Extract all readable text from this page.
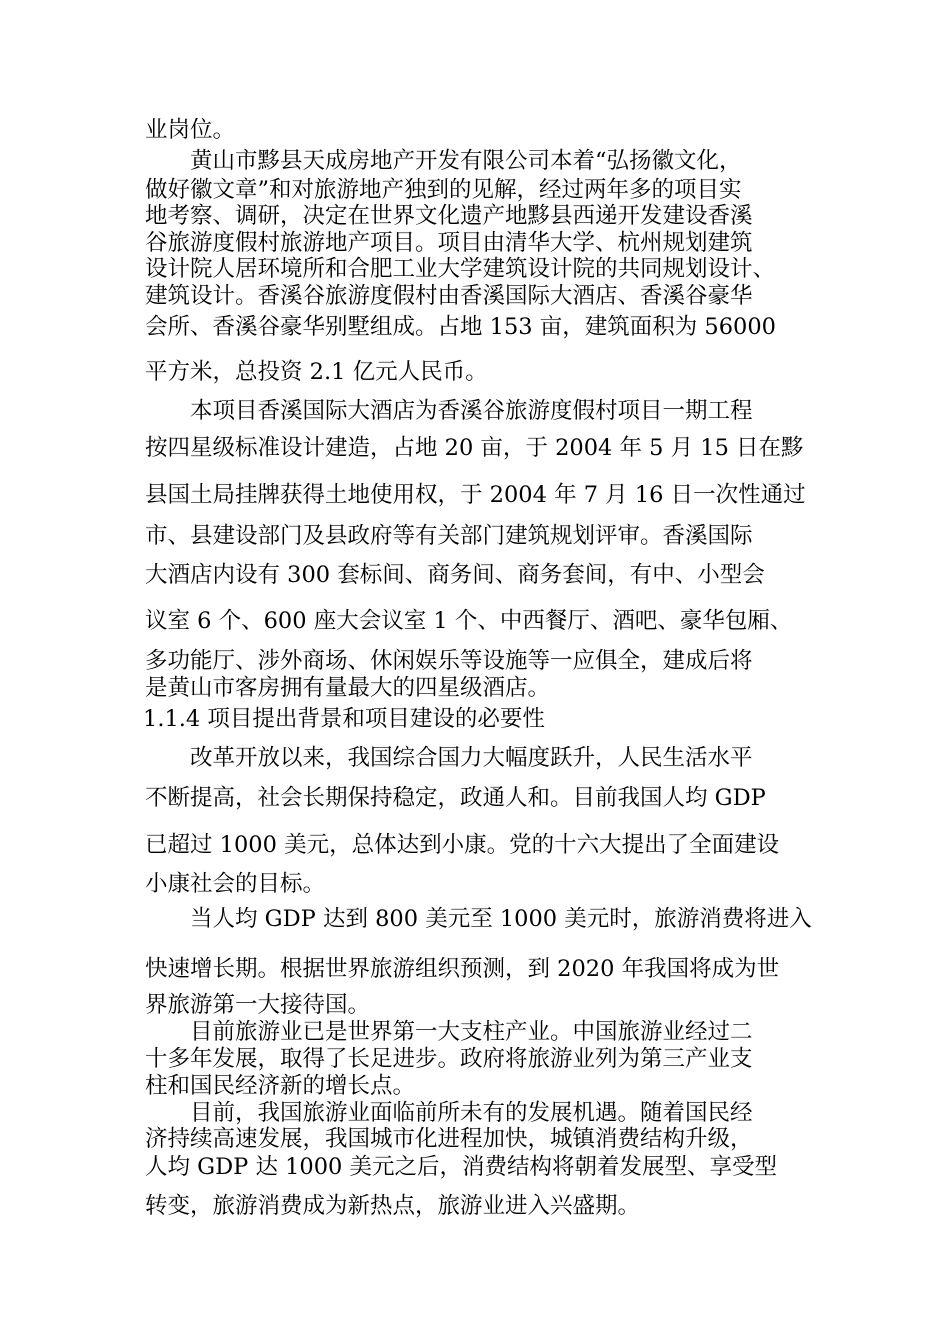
业岗位。
黄山市黟县天成房地产开发有限公司本着“弘扬徽文化，
做好徽文章”和对旅游地产独到的见解，经过两年多的项目实
地考察、调研，决定在世界文化遗产地黟县西递开发建设香溪
谷旅游度假村旅游地产项目。项目由清华大学、杭州规划建筑
设计院人居环境所和合肥工业大学建筑设计院的共同规划设计、
建筑设计。香溪谷旅游度假村由香溪国际大酒店、香溪谷豪华
会所、香溪谷豪华别墅组成。占地 153 亩，建筑面积为 56000
平方米，总投资 2.1 亿元人民币。
本项目香溪国际大酒店为香溪谷旅游度假村项目一期工程
按四星级标准设计建造，占地 20 亩，于 2004 年 5 月 15 日在黟
县国土局挂牌获得土地使用权，于 2004 年 7 月 16 日一次性通过
市、县建设部门及县政府等有关部门建筑规划评审。香溪国际
大酒店内设有 300 套标间、商务间、商务套间，有中、小型会
议室 6 个、600 座大会议室 1 个、中西餐厅、酒吧、豪华包厢、
多功能厅、涉外商场、休闲娱乐等设施等一应俱全，建成后将
是黄山市客房拥有量最大的四星级酒店。
1.1.4 项目提出背景和项目建设的必要性
改革开放以来，我国综合国力大幅度跃升，人民生活水平
不断提高，社会长期保持稳定，政通人和。目前我国人均 GDP
已超过 1000 美元，总体达到小康。党的十六大提出了全面建设
小康社会的目标。
当人均 GDP 达到 800 美元至 1000 美元时，旅游消费将进入
快速增长期。根据世界旅游组织预测，到 2020 年我国将成为世
界旅游第一大接待国。
目前旅游业已是世界第一大支柱产业。中国旅游业经过二
十多年发展，取得了长足进步。政府将旅游业列为第三产业支
柱和国民经济新的增长点。
目前，我国旅游业面临前所未有的发展机遇。随着国民经
济持续高速发展，我国城市化进程加快，城镇消费结构升级，
人均 GDP 达 1000 美元之后，消费结构将朝着发展型、享受型
转变，旅游消费成为新热点，旅游业进入兴盛期。
